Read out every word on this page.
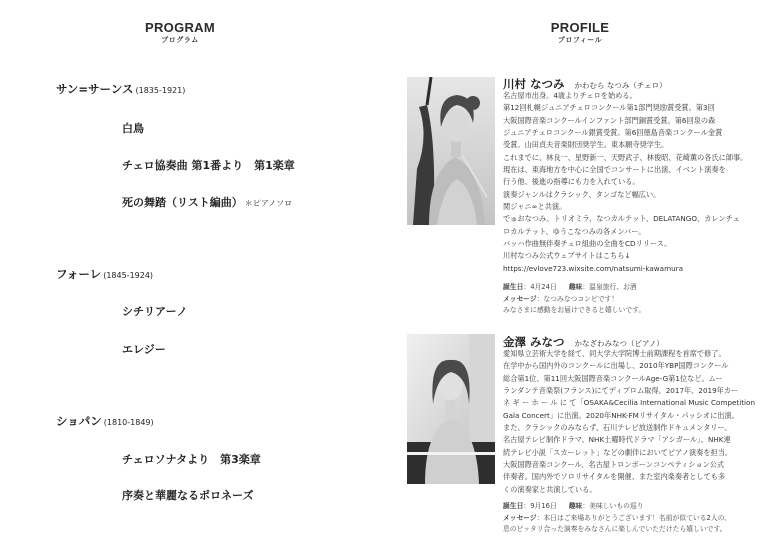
PROGRAM
プログラム
PROFILE
プロフィール
サン=サーンス (1835-1921)
白鳥
チェロ協奏曲 第1番より　第1楽章
死の舞踏（リスト編曲） ＊ピアノソロ
フォーレ (1845-1924)
シチリアーノ
エレジー
ショパン (1810-1849)
チェロソナタより　第3楽章
序奏と華麗なるポロネーズ
川村 なつみ かわむら なつみ（チェロ）
名古屋市出身。4歳よりチェロを始める。
第12回札幌ジュニアチェロコンクール第1部門奨励賞受賞。第3回
大阪国際音楽コンクールインファント部門銅賞受賞。第6回泉の森
ジュニアチェロコンクール銀賞受賞。第6回徳島音楽コンクール金賞
受賞。山田貞夫音楽財団奨学生。東本願寺奨学生。
これまでに、林良一、星野新一、天野武子、林俊昭、花崎薫の各氏に師事。
現在は、東海地方を中心に全国でコンサートに出演、イベント演奏を
行う他、後進の指導にも力を入れている。
演奏ジャンルはクラシック、タンゴなど幅広い。
関ジャニ∞と共演。
でゅおなつみ、トリオミラ、なつカルテット、DELATANGO、カレンチェ
ロカルテット、ゆうこなつみの各メンバー。
バッハ作曲無伴奏チェロ組曲の全曲をCDリリース。
川村なつみ公式ウェブサイトはこちら↓
https://evlove723.wixsite.com/natsumi-kawamura
誕生日：4月24日 趣味：温泉旅行、お酒
メッセージ：なつみなつコンビです！
みなさまに感動をお届けできると嬉しいです。
金澤 みなつ かなざわみなつ（ピアノ）
愛知県立芸術大学を経て、同大学大学院博士前期課程を首席で修了。
在学中から国内外のコンクールに出場し、2010年YBP国際コンクール
総合第1位、第11回大阪国際音楽コンクールAge-G第1位など。ムー
ランダンテ音楽祭(フランス)にてディプロム取得。2017年、2019年カー
ネ ギ ー ホ ー ル に て「OSAKA&Cecilia International Music Competition
Gala Concert」に出演。2020年NHK-FMリサイタル・パッシオに出演。
また、クラシックのみならず、石川テレビ放送制作ドキュメンタリー、
名古屋テレビ制作ドラマ、NHK土曜時代ドラマ「アシガール」、NHK連
続テレビ小説「スカーレット」などの劇伴においてピアノ演奏を担当。
大阪国際音楽コンクール、名古屋トロンボーンコンペティション公式
伴奏者。国内外でソロリサイタルを開催、また室内楽奏者としても多
くの演奏家と共演している。
誕生日：9月16日 趣味：美味しいもの巡り
メッセージ：本日はご来場ありがとうございます！名前が似ている2人の、
息のピッタリ合った演奏をみなさんに楽しんでいただけたら嬉しいです。
